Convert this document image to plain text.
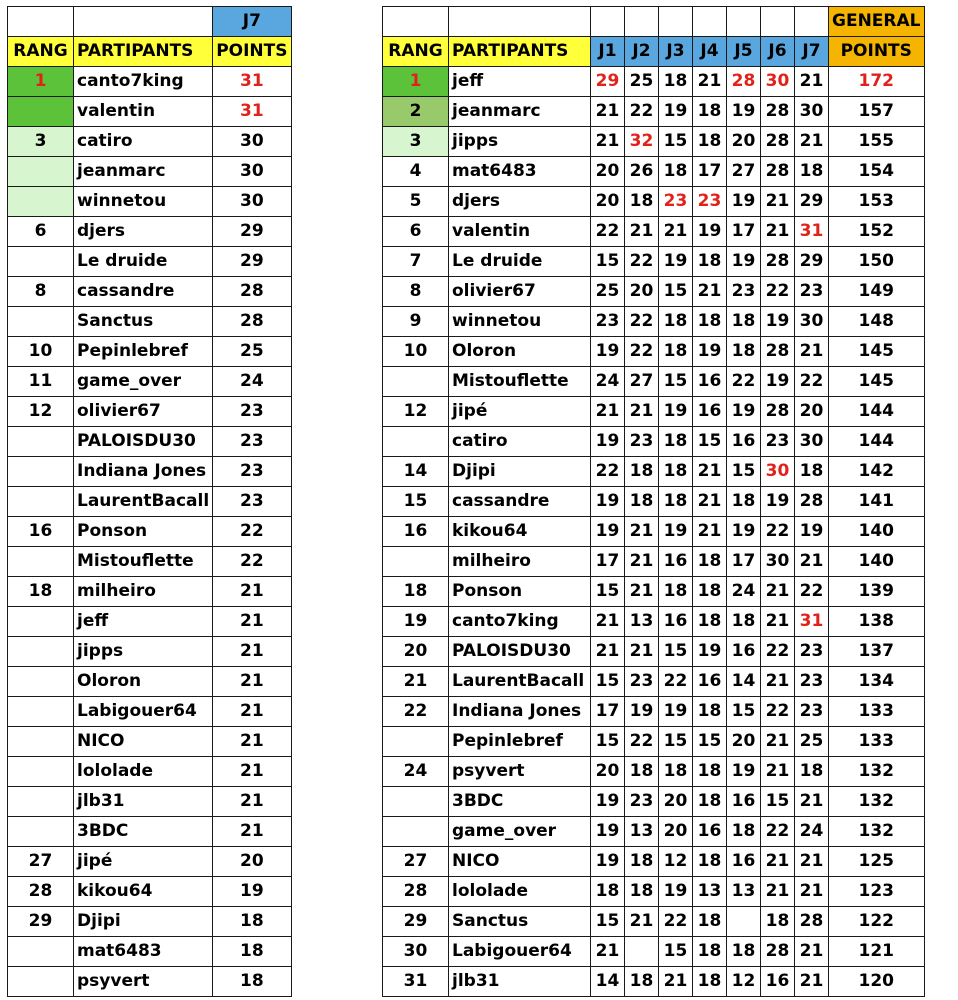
		J7
RANG	PARTIPANTS	POINTS
1	canto7king	31
	valentin	31
3	catiro	30
	jeanmarc	30
	winnetou	30
6	djers	29
	Le druide	29
8	cassandre	28
	Sanctus	28
10	Pepinlebref	25
11	game_over	24
12	olivier67	23
	PALOISDU30	23
	Indiana Jones	23
	LaurentBacall	23
16	Ponson	22
	Mistouflette	22
18	milheiro	21
	jeff	21
	jipps	21
	Oloron	21
	Labigouer64	21
	NICO	21
	lololade	21
	jlb31	21
	3BDC	21
27	jipé	20
28	kikou64	19
29	Djipi	18
	mat6483	18
	psyvert	18
									GENERAL
RANG	PARTIPANTS	J1	J2	J3	J4	J5	J6	J7	POINTS
1	jeff	29	25	18	21	28	30	21	172
2	jeanmarc	21	22	19	18	19	28	30	157
3	jipps	21	32	15	18	20	28	21	155
4	mat6483	20	26	18	17	27	28	18	154
5	djers	20	18	23	23	19	21	29	153
6	valentin	22	21	21	19	17	21	31	152
7	Le druide	15	22	19	18	19	28	29	150
8	olivier67	25	20	15	21	23	22	23	149
9	winnetou	23	22	18	18	18	19	30	148
10	Oloron	19	22	18	19	18	28	21	145
	Mistouflette	24	27	15	16	22	19	22	145
12	jipé	21	21	19	16	19	28	20	144
	catiro	19	23	18	15	16	23	30	144
14	Djipi	22	18	18	21	15	30	18	142
15	cassandre	19	18	18	21	18	19	28	141
16	kikou64	19	21	19	21	19	22	19	140
	milheiro	17	21	16	18	17	30	21	140
18	Ponson	15	21	18	18	24	21	22	139
19	canto7king	21	13	16	18	18	21	31	138
20	PALOISDU30	21	21	15	19	16	22	23	137
21	LaurentBacall	15	23	22	16	14	21	23	134
22	Indiana Jones	17	19	19	18	15	22	23	133
	Pepinlebref	15	22	15	15	20	21	25	133
24	psyvert	20	18	18	18	19	21	18	132
	3BDC	19	23	20	18	16	15	21	132
	game_over	19	13	20	16	18	22	24	132
27	NICO	19	18	12	18	16	21	21	125
28	lololade	18	18	19	13	13	21	21	123
29	Sanctus	15	21	22	18		18	28	122
30	Labigouer64	21		15	18	18	28	21	121
31	jlb31	14	18	21	18	12	16	21	120
